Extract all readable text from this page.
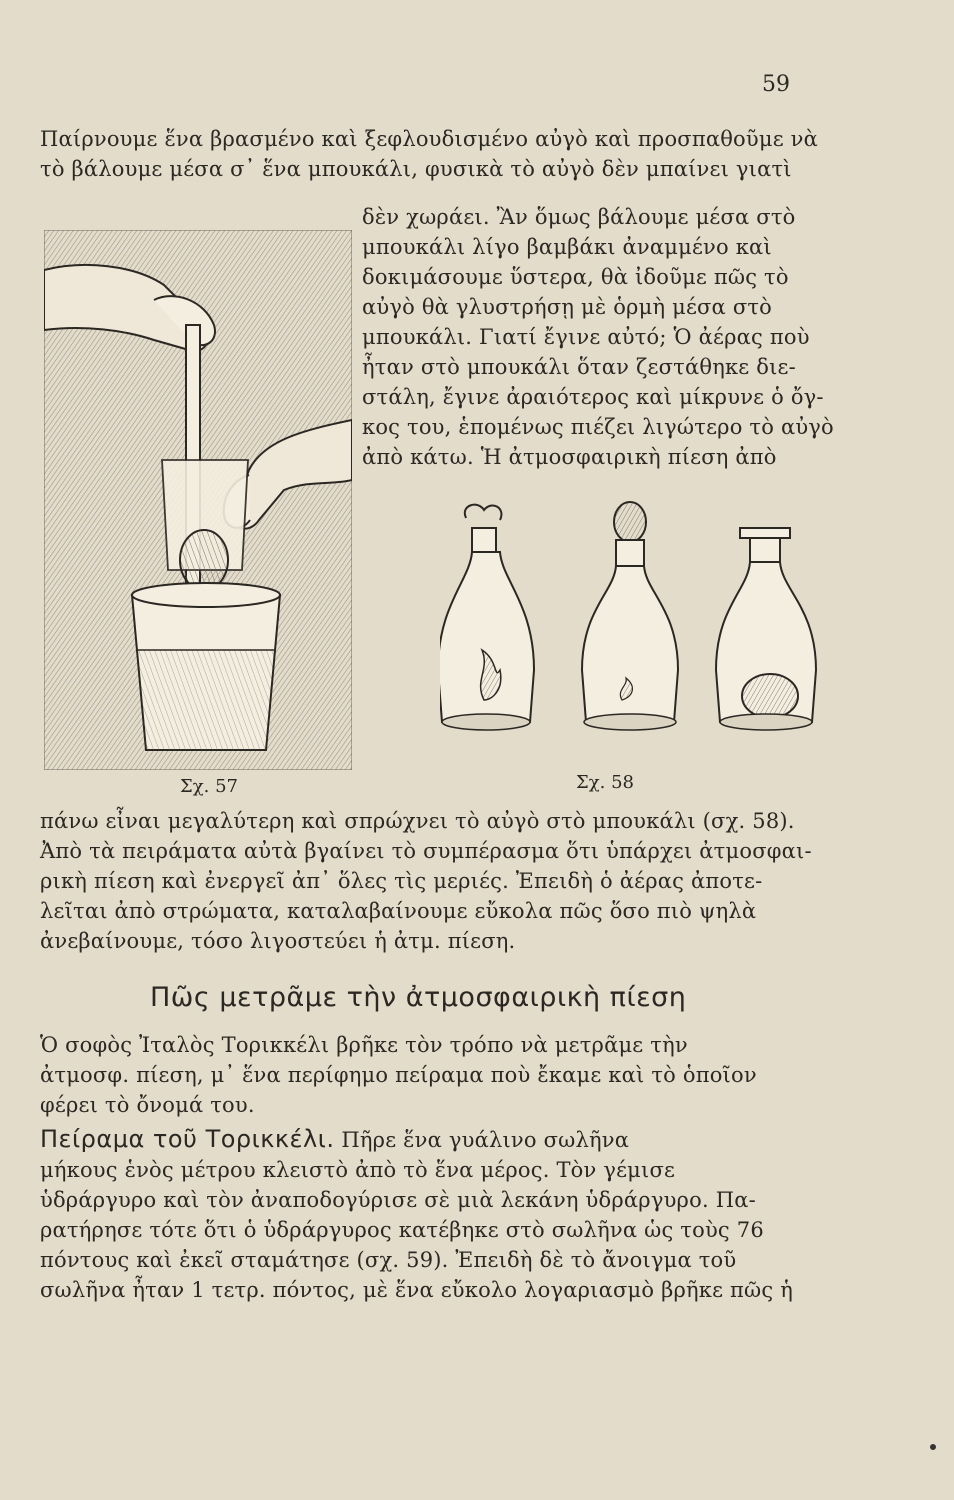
59

Παίρνουμε ἕνα βρασμένο καὶ ξεφλουδισμένο αὐγὸ καὶ προσπαθοῦμε νὰ
τὸ βάλουμε μέσα σ᾿ ἕνα μπουκάλι, φυσικὰ τὸ αὐγὸ δὲν μπαίνει γιατὶ

δὲν χωράει. Ἂν ὅμως βάλουμε μέσα στὸ
μπουκάλι λίγο βαμβάκι ἀναμμένο καὶ
δοκιμάσουμε ὕστερα, θὰ ἰδοῦμε πῶς τὸ
αὐγὸ θὰ γλυστρήσῃ μὲ ὁρμὴ μέσα στὸ
μπουκάλι. Γιατί ἔγινε αὐτό; Ὁ ἀέρας ποὺ
ἦταν στὸ μπουκάλι ὅταν ζεστάθηκε διε-
στάλη, ἔγινε ἀραιότερος καὶ μίκρυνε ὁ ὄγ-
κος του, ἑπομένως πιέζει λιγώτερο τὸ αὐγὸ
ἀπὸ κάτω. Ἡ ἀτμοσφαιρικὴ πίεση ἀπὸ

Σχ. 57	Σχ. 58

πάνω εἶναι μεγαλύτερη καὶ σπρώχνει τὸ αὐγὸ στὸ μπουκάλι (σχ. 58).
Ἀπὸ τὰ πειράματα αὐτὰ βγαίνει τὸ συμπέρασμα ὅτι ὑπάρχει ἀτμοσφαι-
ρικὴ πίεση καὶ ἐνεργεῖ ἀπ᾿ ὅλες τὶς μεριές. Ἐπειδὴ ὁ ἀέρας ἀποτε-
λεῖται ἀπὸ στρώματα, καταλαβαίνουμε εὔκολα πῶς ὅσο πιὸ ψηλὰ
ἀνεβαίνουμε, τόσο λιγοστεύει ἡ ἀτμ. πίεση.

Πῶς μετρᾶμε τὴν ἀτμοσφαιρικὴ πίεση

Ὁ σοφὸς Ἰταλὸς Τοριккέλι βρῆκε τὸν τρόπο νὰ μετρᾶμε τὴν
ἀτμοσφ. πίεση, μ᾿ ἕνα περίφημο πείραμα ποὺ ἔκαμε καὶ τὸ ὁποῖον
φέρει τὸ ὄνομά του.

Πείραμα τοῦ Τορικκέλι. Πῆρε ἕνα γυάλινο σωλῆνα
μήκους ἑνὸς μέτρου κλειστὸ ἀπὸ τὸ ἕνα μέρος. Τὸν γέμισε
ὑδράργυρο καὶ τὸν ἀναποδογύρισε σὲ μιὰ λεκάνη ὑδράργυρο. Πα-
ρατήρησε τότε ὅτι ὁ ὑδράργυρος κατέβηκε στὸ σωλῆνα ὡς τοὺς 76
πόντους καὶ ἐκεῖ σταμάτησε (σχ. 59). Ἐπειδὴ δὲ τὸ ἄνοιγμα τοῦ
σωλῆνα ἦταν 1 τετρ. πόντος, μὲ ἕνα εὔκολο λογαριασμὸ βρῆκε πῶς ἡ
